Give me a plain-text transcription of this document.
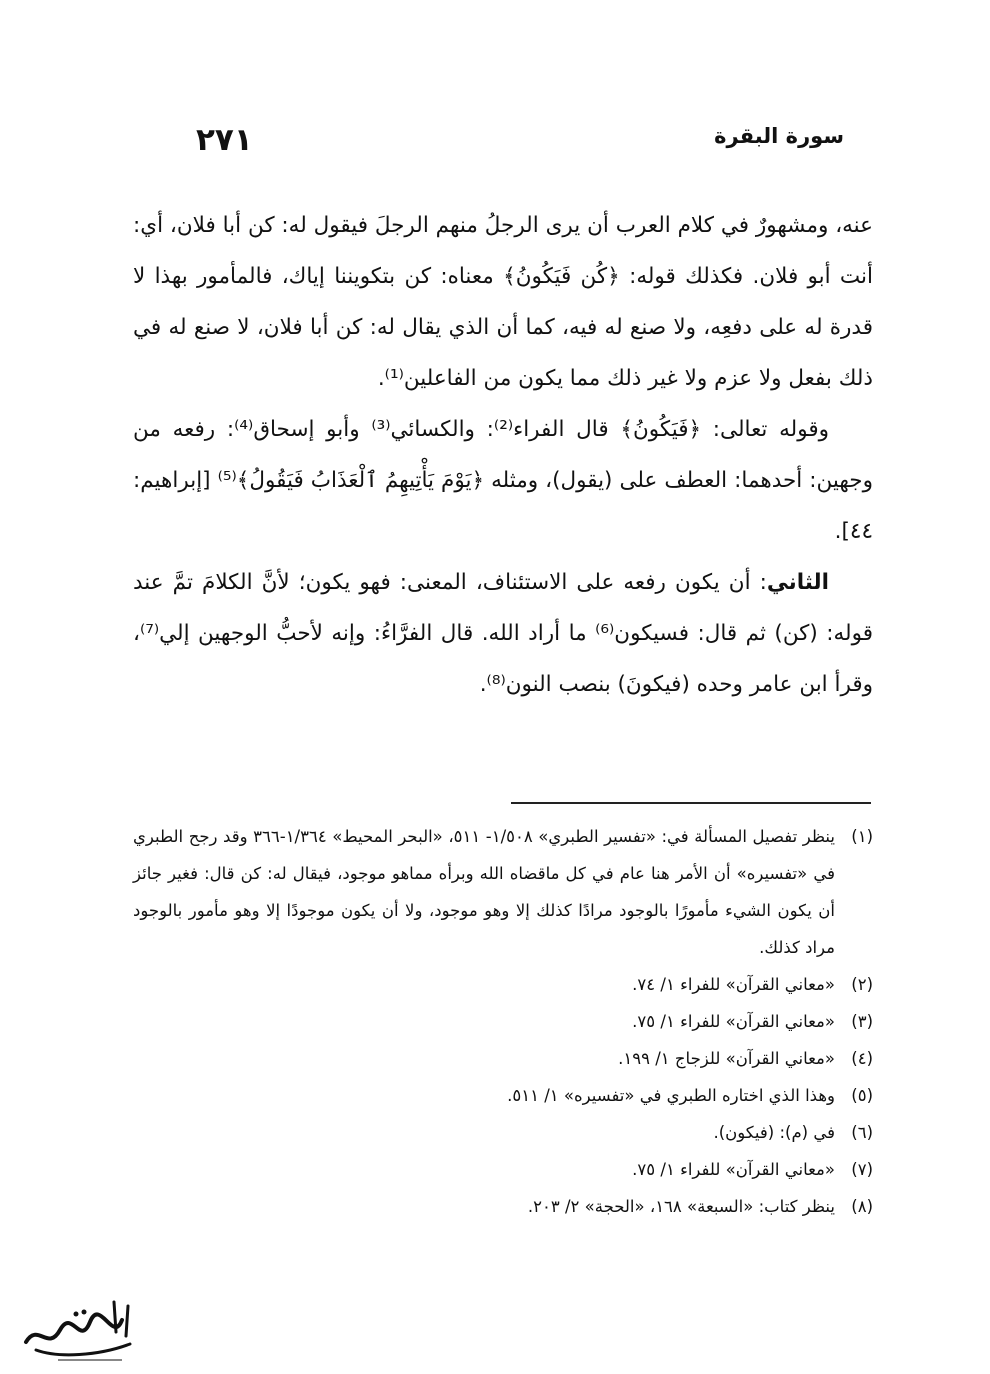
٢٧١	سورة البقرة

عنه، ومشهورٌ في كلام العرب أن يرى الرجلُ منهم الرجلَ فيقول له: كن أبا فلان، أي: أنت أبو فلان. فكذلك قوله: ﴿كُن فَيَكُونُ﴾ معناه: كن بتكويننا إياك، فالمأمور بهذا لا قدرة له على دفعِه، ولا صنع له فيه، كما أن الذي يقال له: كن أبا فلان، لا صنع له في ذلك بفعل ولا عزم ولا غير ذلك مما يكون من الفاعلين⁽¹⁾.

وقوله تعالى: ﴿فَيَكُونُ﴾ قال الفراء⁽²⁾: والكسائي⁽³⁾ وأبو إسحاق⁽⁴⁾: رفعه من وجهين: أحدهما: العطف على (يقول)، ومثله ﴿يَوْمَ يَأْتِيهِمُ ٱلْعَذَابُ فَيَقُولُ﴾⁽⁵⁾ [إبراهيم: ٤٤].

الثاني: أن يكون رفعه على الاستئناف، المعنى: فهو يكون؛ لأنَّ الكلامَ تمَّ عند قوله: (كن) ثم قال: فسيكون⁽⁶⁾ ما أراد الله. قال الفرَّاءُ: وإنه لأحبُّ الوجهين إلي⁽⁷⁾، وقرأ ابن عامر وحده (فيكونَ) بنصب النون⁽⁸⁾.

(١)
ينظر تفصيل المسألة في: «تفسير الطبري» ١/٥٠٨- ٥١١، «البحر المحيط» ١/٣٦٤-٣٦٦ وقد رجح الطبري في «تفسيره» أن الأمر هنا عام في كل ماقضاه الله وبرأه مماهو موجود، فيقال له: كن قال: فغير جائز أن يكون الشيء مأمورًا بالوجود مرادًا كذلك إلا وهو موجود، ولا أن يكون موجودًا إلا وهو مأمور بالوجود مراد كذلك.
(٢)
«معاني القرآن» للفراء ١/ ٧٤.
(٣)
«معاني القرآن» للفراء ١/ ٧٥.
(٤)
«معاني القرآن» للزجاج ١/ ١٩٩.
(٥)
وهذا الذي اختاره الطبري في «تفسيره» ١/ ٥١١.
(٦)
في (م): (فيكون).
(٧)
«معاني القرآن» للفراء ١/ ٧٥.
(٨)
ينظر كتاب: «السبعة» ١٦٨، «الحجة» ٢/ ٢٠٣.
